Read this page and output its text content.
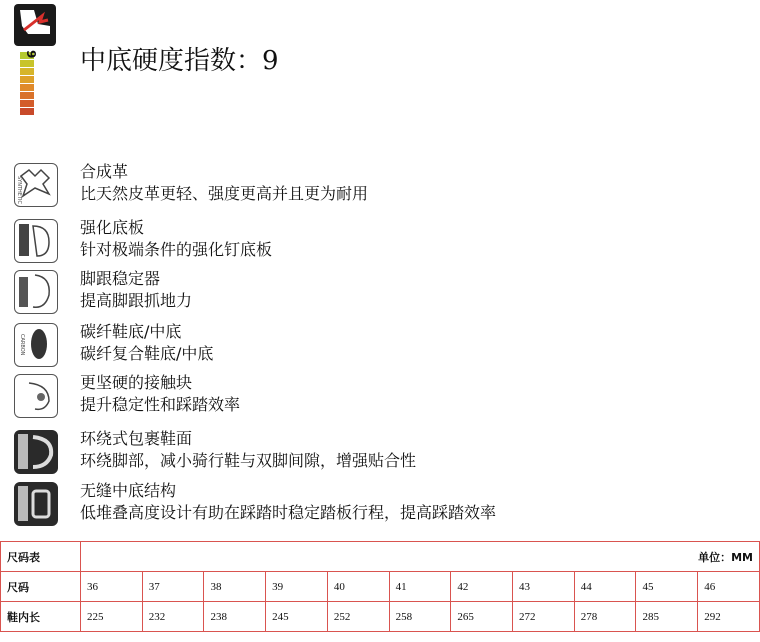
9 中底硬度指数：9
SYNTHETIC
合成革
比天然皮革更轻、强度更高并且更为耐用
强化底板
针对极端条件的强化钉底板
脚跟稳定器
提高脚跟抓地力
CARBON
碳纤鞋底/中底
碳纤复合鞋底/中底
更坚硬的接触块
提升稳定性和踩踏效率
环绕式包裹鞋面
环绕脚部，减小骑行鞋与双脚间隙，增强贴合性
无缝中底结构
低堆叠高度设计有助在踩踏时稳定踏板行程，提高踩踏效率
尺码表	单位：MM										
尺码	36	37	38	39	40	41	42	43	44	45	46
鞋内长	225	232	238	245	252	258	265	272	278	285	292
